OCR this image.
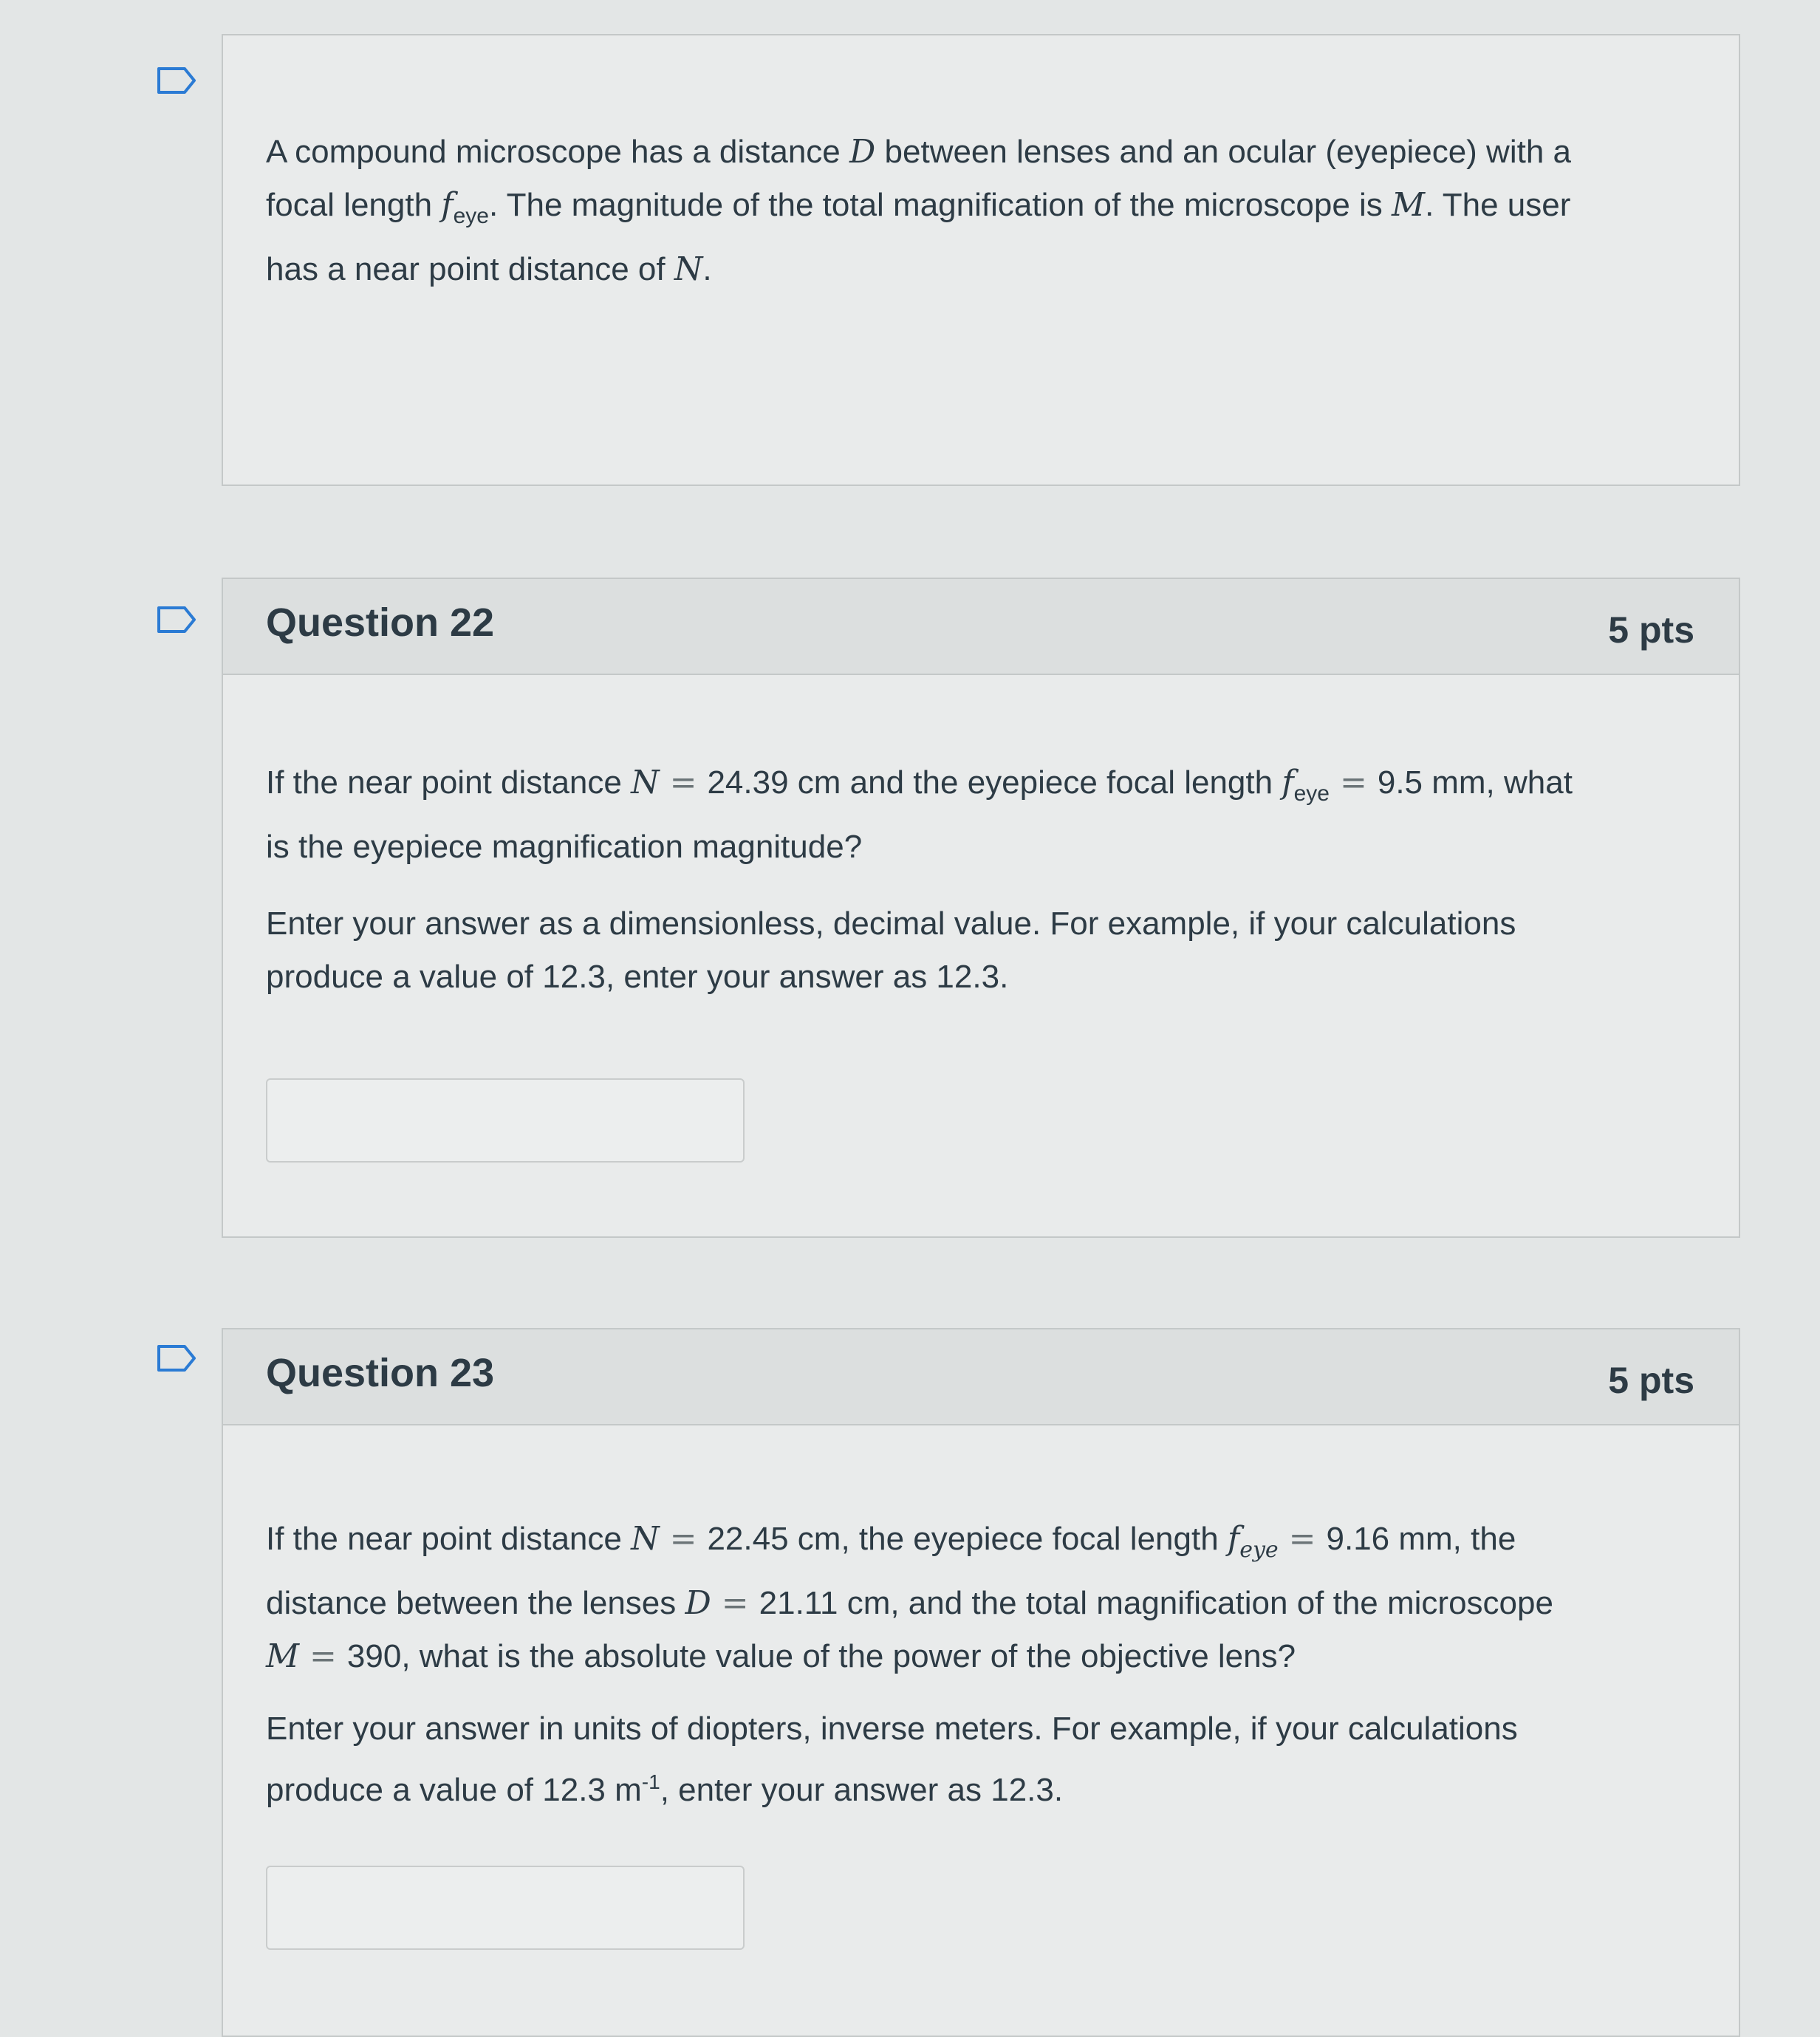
A compound microscope has a distance D between lenses and an ocular (eyepiece) with a

focal length $f_{eye}$. The magnitude of the total magnification of the microscope is M. The user

has a near point distance of N.

Question 22	5 pts

If the near point distance N = 24.39 cm and the eyepiece focal length $f_{eye} = 9.5$ mm, what

is the eyepiece magnification magnitude?

Enter your answer as a dimensionless, decimal value. For example, if your calculations

produce a value of 12.3, enter your answer as 12.3.

Question 23	5 pts

If the near point distance N = 22.45 cm, the eyepiece focal length $f_{eye} = 9.16$ mm, the

distance between the lenses D = 21.11 cm, and the total magnification of the microscope

M = 390, what is the absolute value of the power of the objective lens?

Enter your answer in units of diopters, inverse meters. For example, if your calculations

produce a value of 12.3 $m^{-1}$, enter your answer as 12.3.
